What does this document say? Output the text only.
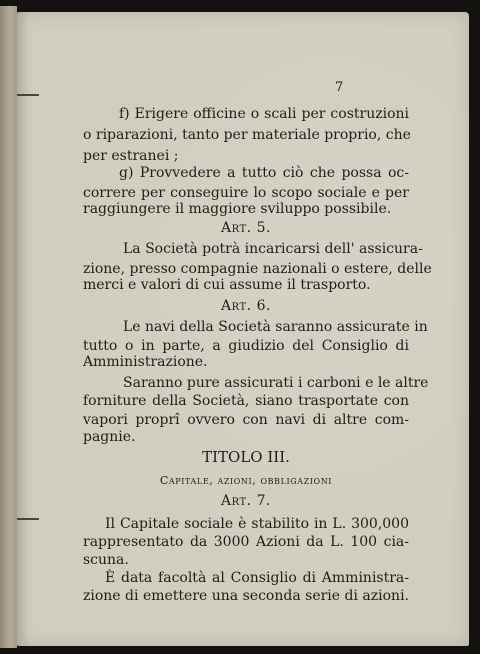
7

f) Erigere officine o scali per costruzioni

o riparazioni, tanto per materiale proprio, che

per estranei ;

g) Provvedere a tutto ciò che possa oc-

correre per conseguire lo scopo sociale e per

raggiungere il maggiore sviluppo possibile.

Art. 5.

La Società potrà incaricarsi dell' assicura-

zione, presso compagnie nazionali o estere, delle

merci e valori di cui assume il trasporto.

Art. 6.

Le navi della Società saranno assicurate in

tutto o in parte, a giudizio del Consiglio di

Amministrazione.

Saranno pure assicurati i carboni e le altre

forniture della Società, siano trasportate con

vapori proprî ovvero con navi di altre com-

pagnie.

TITOLO III.

Capitale, azioni, obbligazioni

Art. 7.

Il Capitale sociale è stabilito in L. 300,000

rappresentato da 3000 Azioni da L. 100 cia-

scuna.

È data facoltà al Consiglio di Amministra-

zione di emettere una seconda serie di azioni.
